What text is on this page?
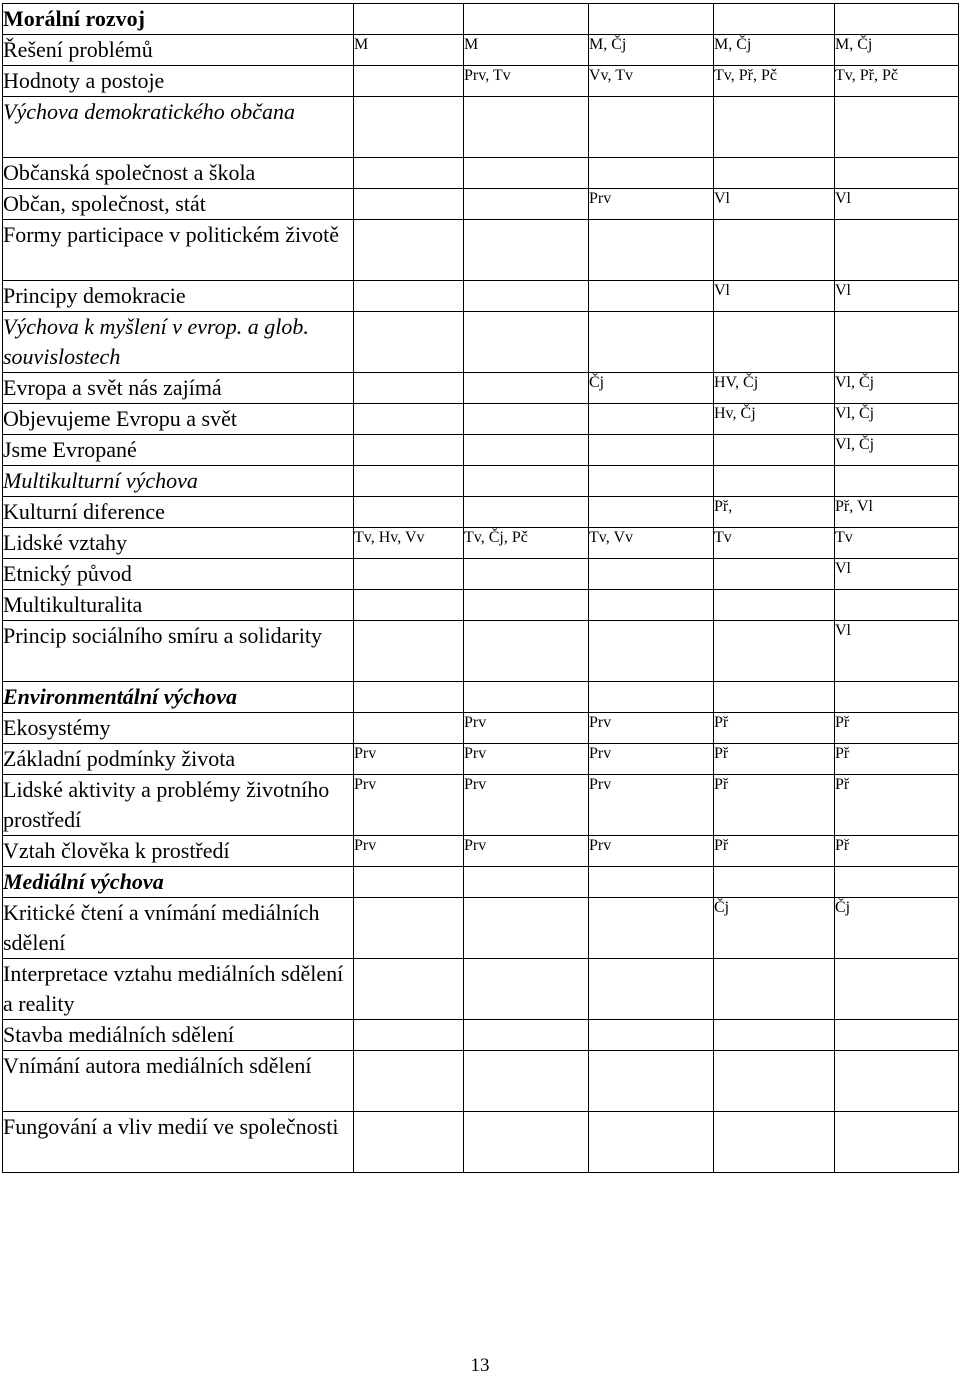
Morální rozvoj					
Řešení problémů	M	M	M, Čj	M, Čj	M, Čj
Hodnoty a postoje		Prv, Tv	Vv, Tv	Tv, Př, Pč	Tv, Př, Pč
Výchova demokratického občana					
Občanská společnost a škola					
Občan, společnost, stát			Prv	Vl	Vl
Formy participace v politickém životě					
Principy demokracie				Vl	Vl
Výchova k myšlení v evrop. a glob. souvislostech					
Evropa a svět nás zajímá			Čj	HV, Čj	Vl, Čj
Objevujeme Evropu a svět				Hv, Čj	Vl, Čj
Jsme Evropané					Vl, Čj
Multikulturní výchova					
Kulturní diference				Př,	Př, Vl
Lidské vztahy	Tv, Hv, Vv	Tv, Čj, Pč	Tv, Vv	Tv	Tv
Etnický původ					Vl
Multikulturalita					
Princip sociálního smíru a solidarity					Vl
Environmentální výchova					
Ekosystémy		Prv	Prv	Př	Př
Základní podmínky života	Prv	Prv	Prv	Př	Př
Lidské aktivity a problémy životního prostředí	Prv	Prv	Prv	Př	Př
Vztah člověka k prostředí	Prv	Prv	Prv	Př	Př
Mediální výchova					
Kritické čtení a vnímání mediálních sdělení				Čj	Čj
Interpretace vztahu mediálních sdělení a reality					
Stavba mediálních sdělení					
Vnímání autora mediálních sdělení					
Fungování a vliv medií ve společnosti					
13
